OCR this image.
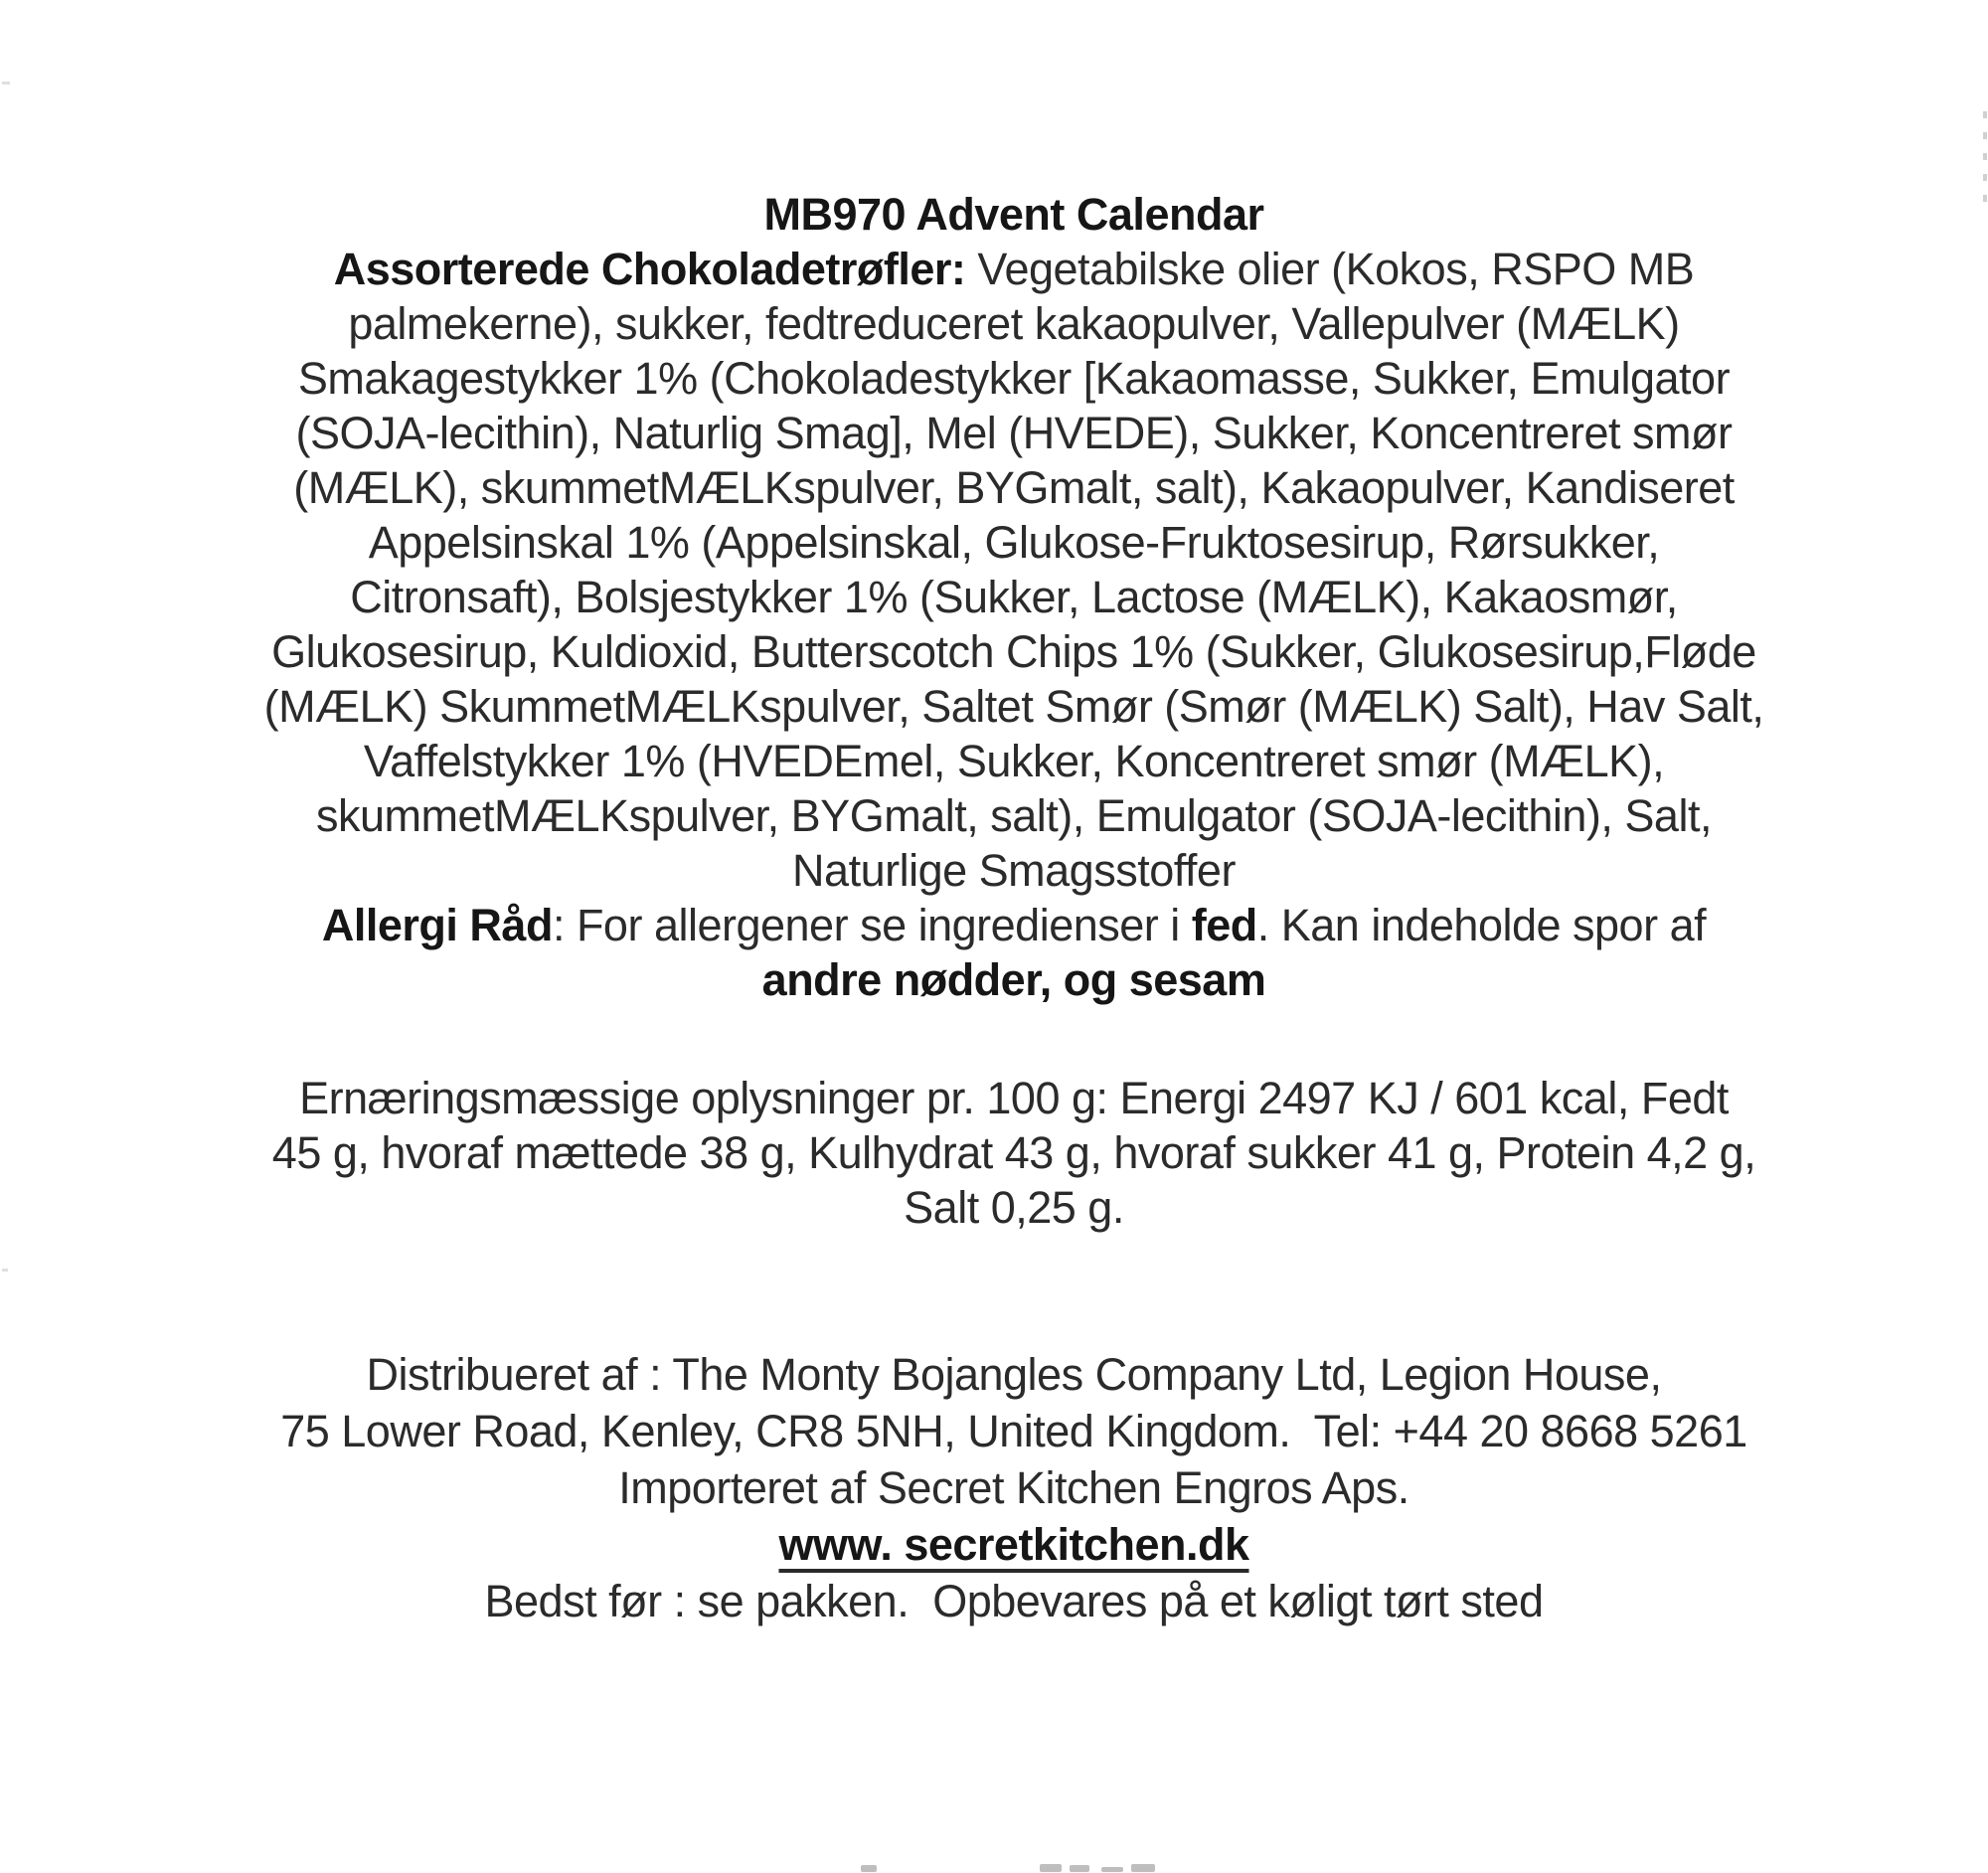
MB970 Advent Calendar
Assorterede Chokoladetrøfler: Vegetabilske olier (Kokos, RSPO MB
palmekerne), sukker, fedtreduceret kakaopulver, Vallepulver (MÆLK)
Smakagestykker 1% (Chokoladestykker [Kakaomasse, Sukker, Emulgator
(SOJA-lecithin), Naturlig Smag], Mel (HVEDE), Sukker, Koncentreret smør
(MÆLK), skummetMÆLKspulver, BYGmalt, salt), Kakaopulver, Kandiseret
Appelsinskal 1% (Appelsinskal, Glukose-Fruktosesirup, Rørsukker,
Citronsaft), Bolsjestykker 1% (Sukker, Lactose (MÆLK), Kakaosmør,
Glukosesirup, Kuldioxid, Butterscotch Chips 1% (Sukker, Glukosesirup,Fløde
(MÆLK) SkummetMÆLKspulver, Saltet Smør (Smør (MÆLK) Salt), Hav Salt,
Vaffelstykker 1% (HVEDEmel, Sukker, Koncentreret smør (MÆLK),
skummetMÆLKspulver, BYGmalt, salt), Emulgator (SOJA-lecithin), Salt,
Naturlige Smagsstoffer
Allergi Råd: For allergener se ingredienser i fed. Kan indeholde spor af
andre nødder, og sesam
Ernæringsmæssige oplysninger pr. 100 g: Energi 2497 KJ / 601 kcal, Fedt
45 g, hvoraf mættede 38 g, Kulhydrat 43 g, hvoraf sukker 41 g, Protein 4,2 g,
Salt 0,25 g.
Distribueret af : The Monty Bojangles Company Ltd, Legion House,
75 Lower Road, Kenley, CR8 5NH, United Kingdom.  Tel: +44 20 8668 5261
Importeret af Secret Kitchen Engros Aps.
www. secretkitchen.dk
Bedst før : se pakken.  Opbevares på et køligt tørt sted
